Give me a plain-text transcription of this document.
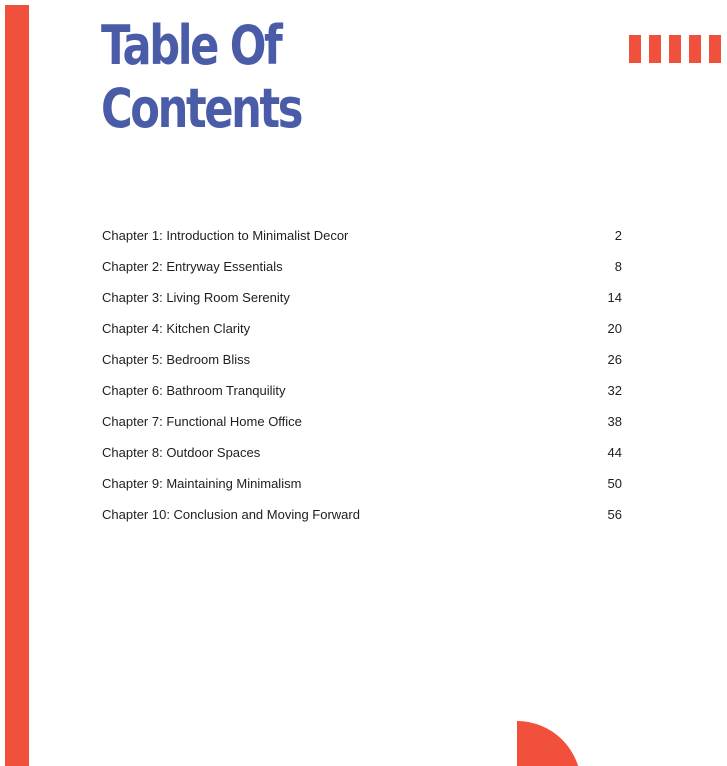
Table Of
Contents
Chapter 1: Introduction to Minimalist Decor	2
Chapter 2: Entryway Essentials	8
Chapter 3: Living Room Serenity	14
Chapter 4: Kitchen Clarity	20
Chapter 5: Bedroom Bliss	26
Chapter 6: Bathroom Tranquility	32
Chapter 7: Functional Home Office	38
Chapter 8: Outdoor Spaces	44
Chapter 9: Maintaining Minimalism	50
Chapter 10: Conclusion and Moving Forward	56
